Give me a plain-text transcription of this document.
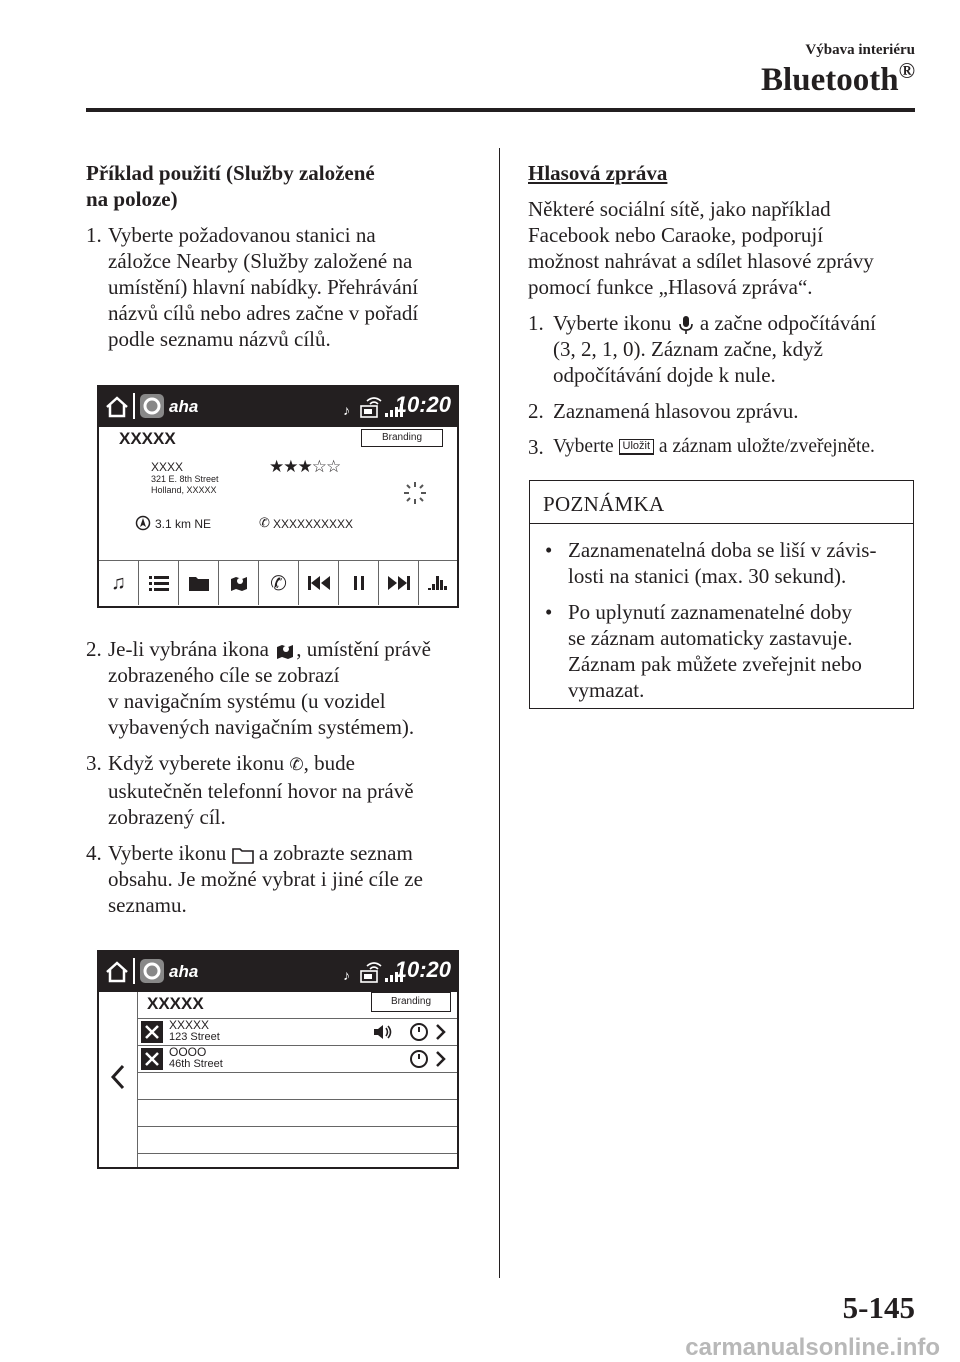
Výbava interiéru
Bluetooth®
Příklad použití (Služby založené
na poloze)
1. Vyberte požadovanou stanici na
záložce Nearby (Služby založené na
umístění) hlavní nabídky. Přehrávání
názvů cílů nebo adres začne v pořadí
podle seznamu názvů cílů.
aha	♪ 10:20
XXXXX	Branding
XXXX
321 E. 8th Street
Holland, XXXXX
★★★☆☆
3.1 km NE	✆ XXXXXXXXXX
♫	✆
2. Je-li vybrána ikona , umístění právě
zobrazeného cíle se zobrazí
v navigačním systému (u vozidel
vybavených navigačním systémem).
3. Když vyberete ikonu ✆, bude
uskutečněn telefonní hovor na právě
zobrazený cíl.
4. Vyberte ikonu a zobrazte seznam
obsahu. Je možné vybrat i jiné cíle ze
seznamu.
aha	♪ 10:20
XXXXX	Branding
XXXXX
123 Street
OOOO
46th Street
Hlasová zpráva
Některé sociální sítě, jako například
Facebook nebo Caraoke, podporují
možnost nahrávat a sdílet hlasové zprávy
pomocí funkce „Hlasová zpráva“.
1. Vyberte ikonu a začne odpočítávání
(3, 2, 1, 0). Záznam začne, když
odpočítávání dojde k nule.
2. Zaznamená hlasovou zprávu.
3. Vyberte Uložit a záznam uložte/zveřejněte.
POZNÁMKA
• Zaznamenatelná doba se liší v závis-
losti na stanici (max. 30 sekund).
• Po uplynutí zaznamenatelné doby
se záznam automaticky zastavuje.
Záznam pak můžete zveřejnit nebo
vymazat.
5-145
carmanualsonline.info
